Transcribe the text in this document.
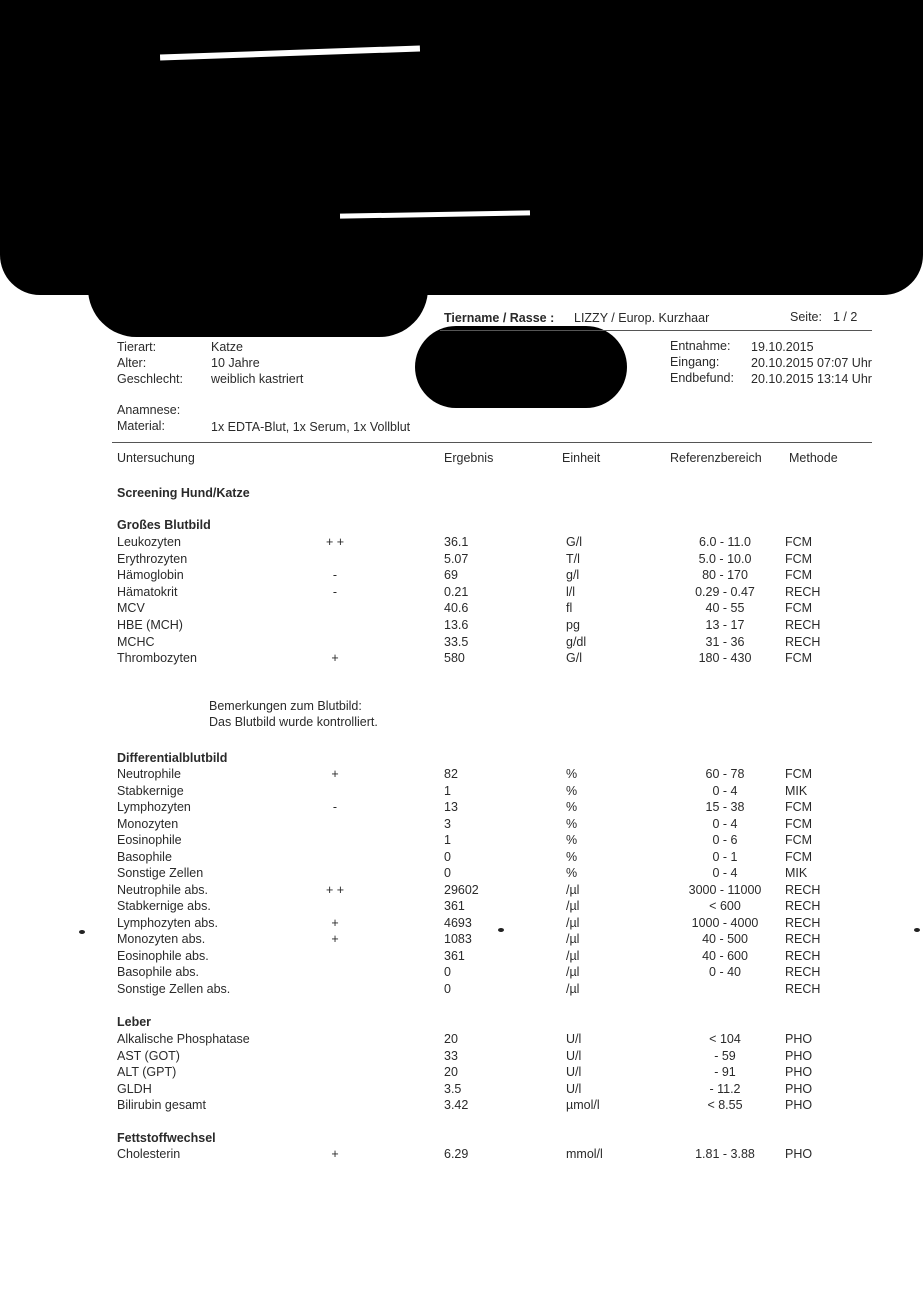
Tiername / Rasse : LIZZY / Europ. Kurzhaar	Seite: 1 / 2
Tierart:	Katze
Alter:	10 Jahre
Geschlecht: weiblich kastriert
Entnahme: 19.10.2015
Eingang:	20.10.2015 07:07 Uhr
Endbefund: 20.10.2015 13:14 Uhr
Anamnese:
Material:	1x EDTA-Blut, 1x Serum, 1x Vollblut
Untersuchung	Ergebnis	Einheit	Referenzbereich Methode
Screening Hund/Katze
Großes Blutbild
Leukozyten	+ +	36.1	G/l	6.0 - 11.0	FCM
Erythrozyten	5.07	T/l	5.0 - 10.0	FCM
Hämoglobin	-	69	g/l	80 - 170	FCM
Hämatokrit	-	0.21	l/l	0.29 - 0.47	RECH
MCV	40.6	fl	40 - 55	FCM
HBE (MCH)	13.6	pg	13 - 17	RECH
MCHC	33.5	g/dl	31 - 36	RECH
Thrombozyten	+	580	G/l	180 - 430	FCM
Bemerkungen zum Blutbild:
Das Blutbild wurde kontrolliert.
Differentialblutbild
Neutrophile	+	82	%	60 - 78	FCM
Stabkernige	1	%	0 - 4	MIK
Lymphozyten	-	13	%	15 - 38	FCM
Monozyten	3	%	0 - 4	FCM
Eosinophile	1	%	0 - 6	FCM
Basophile	0	%	0 - 1	FCM
Sonstige Zellen	0	%	0 - 4	MIK
Neutrophile abs.	+ +	29602	/µl	3000 - 11000	RECH
Stabkernige abs.	361	/µl	< 600	RECH
Lymphozyten abs.	+	4693	/µl	1000 - 4000	RECH
Monozyten abs.	+	1083	/µl	40 - 500	RECH
Eosinophile abs.	361	/µl	40 - 600	RECH
Basophile abs.	0	/µl	0 - 40	RECH
Sonstige Zellen abs.	0	/µl	RECH
Leber
Alkalische Phosphatase	20	U/l	< 104	PHO
AST (GOT)	33	U/l	- 59	PHO
ALT (GPT)	20	U/l	- 91	PHO
GLDH	3.5	U/l	- 11.2	PHO
Bilirubin gesamt	3.42	µmol/l	< 8.55	PHO
Fettstoffwechsel
Cholesterin	+	6.29	mmol/l	1.81 - 3.88	PHO
